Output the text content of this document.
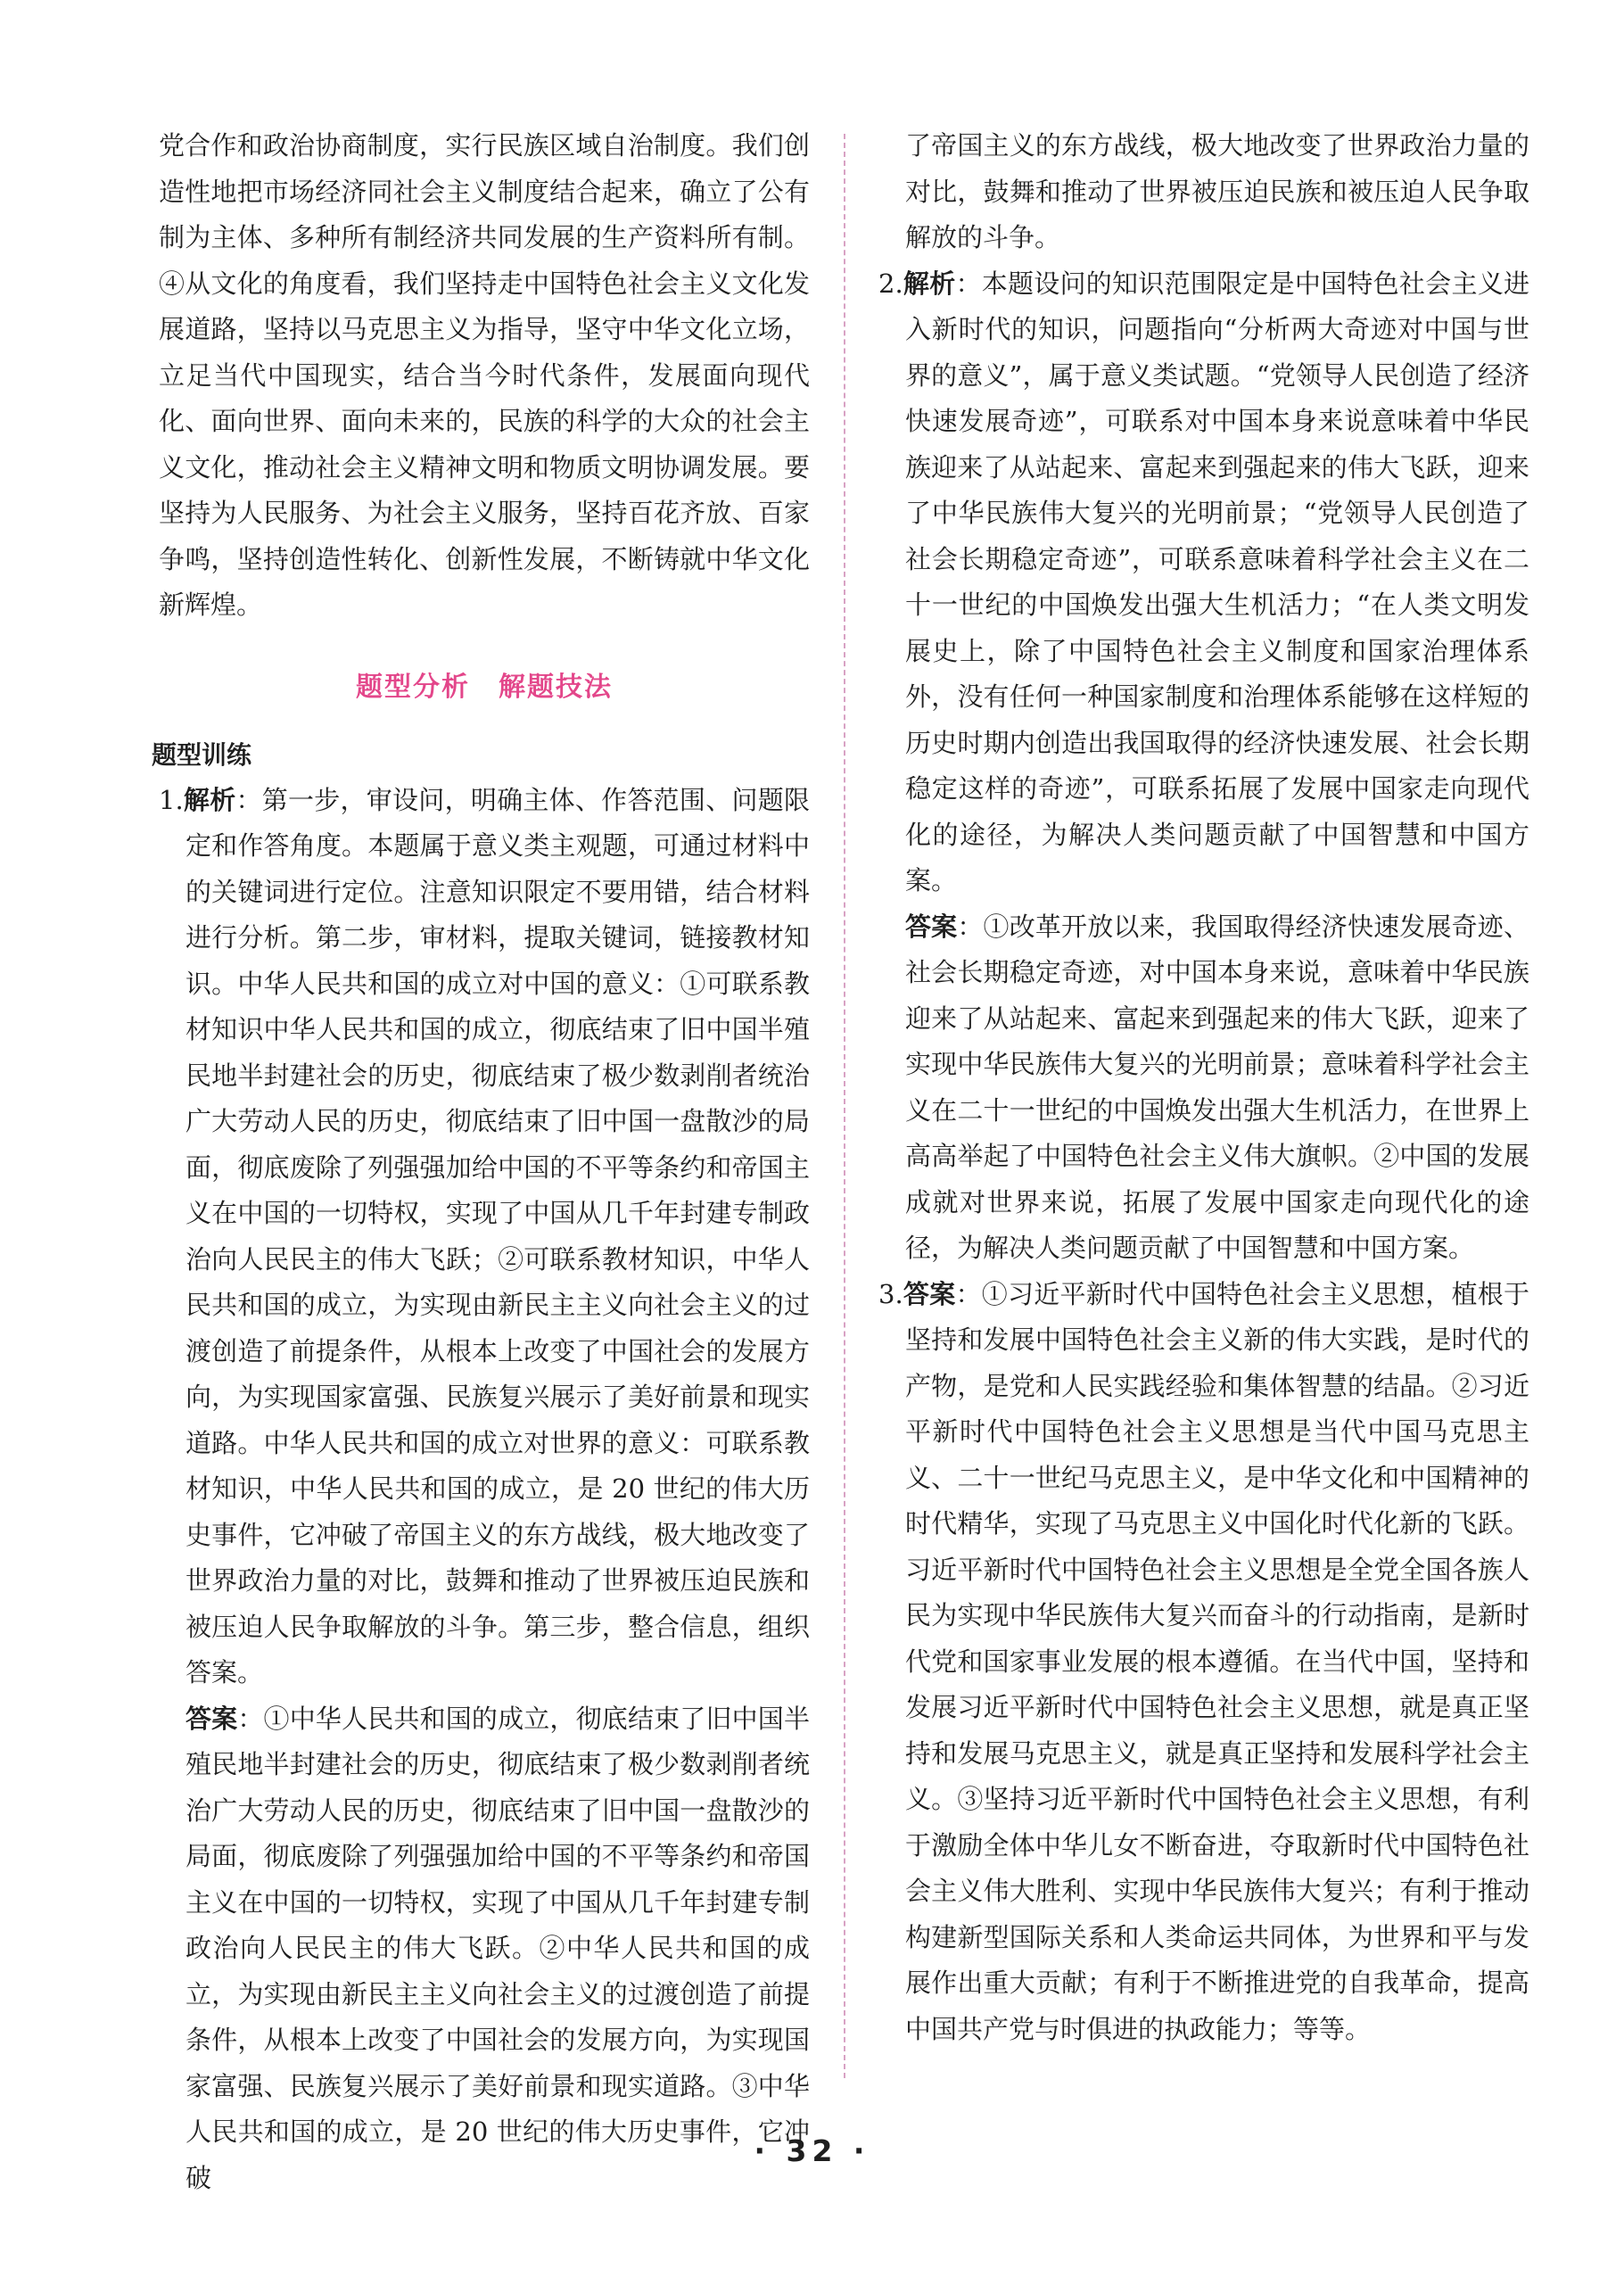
党合作和政治协商制度，实行民族区域自治制度。我们创造性地把市场经济同社会主义制度结合起来，确立了公有制为主体、多种所有制经济共同发展的生产资料所有制。④从文化的角度看，我们坚持走中国特色社会主义文化发展道路，坚持以马克思主义为指导，坚守中华文化立场，立足当代中国现实，结合当今时代条件，发展面向现代化、面向世界、面向未来的，民族的科学的大众的社会主义文化，推动社会主义精神文明和物质文明协调发展。要坚持为人民服务、为社会主义服务，坚持百花齐放、百家争鸣，坚持创造性转化、创新性发展，不断铸就中华文化新辉煌。

题型分析　解题技法
题型训练

1.解析：第一步，审设问，明确主体、作答范围、问题限定和作答角度。本题属于意义类主观题，可通过材料中的关键词进行定位。注意知识限定不要用错，结合材料进行分析。第二步，审材料，提取关键词，链接教材知识。中华人民共和国的成立对中国的意义：①可联系教材知识中华人民共和国的成立，彻底结束了旧中国半殖民地半封建社会的历史，彻底结束了极少数剥削者统治广大劳动人民的历史，彻底结束了旧中国一盘散沙的局面，彻底废除了列强强加给中国的不平等条约和帝国主义在中国的一切特权，实现了中国从几千年封建专制政治向人民民主的伟大飞跃；②可联系教材知识，中华人民共和国的成立，为实现由新民主主义向社会主义的过渡创造了前提条件，从根本上改变了中国社会的发展方向，为实现国家富强、民族复兴展示了美好前景和现实道路。中华人民共和国的成立对世界的意义：可联系教材知识，中华人民共和国的成立，是 20 世纪的伟大历史事件，它冲破了帝国主义的东方战线，极大地改变了世界政治力量的对比，鼓舞和推动了世界被压迫民族和被压迫人民争取解放的斗争。第三步，整合信息，组织答案。

答案：①中华人民共和国的成立，彻底结束了旧中国半殖民地半封建社会的历史，彻底结束了极少数剥削者统治广大劳动人民的历史，彻底结束了旧中国一盘散沙的局面，彻底废除了列强强加给中国的不平等条约和帝国主义在中国的一切特权，实现了中国从几千年封建专制政治向人民民主的伟大飞跃。②中华人民共和国的成立，为实现由新民主主义向社会主义的过渡创造了前提条件，从根本上改变了中国社会的发展方向，为实现国家富强、民族复兴展示了美好前景和现实道路。③中华人民共和国的成立，是 20 世纪的伟大历史事件，它冲破

了帝国主义的东方战线，极大地改变了世界政治力量的对比，鼓舞和推动了世界被压迫民族和被压迫人民争取解放的斗争。

2.解析：本题设问的知识范围限定是中国特色社会主义进入新时代的知识，问题指向“分析两大奇迹对中国与世界的意义”，属于意义类试题。“党领导人民创造了经济快速发展奇迹”，可联系对中国本身来说意味着中华民族迎来了从站起来、富起来到强起来的伟大飞跃，迎来了中华民族伟大复兴的光明前景；“党领导人民创造了社会长期稳定奇迹”，可联系意味着科学社会主义在二十一世纪的中国焕发出强大生机活力；“在人类文明发展史上，除了中国特色社会主义制度和国家治理体系外，没有任何一种国家制度和治理体系能够在这样短的历史时期内创造出我国取得的经济快速发展、社会长期稳定这样的奇迹”，可联系拓展了发展中国家走向现代化的途径，为解决人类问题贡献了中国智慧和中国方案。

答案：①改革开放以来，我国取得经济快速发展奇迹、社会长期稳定奇迹，对中国本身来说，意味着中华民族迎来了从站起来、富起来到强起来的伟大飞跃，迎来了实现中华民族伟大复兴的光明前景；意味着科学社会主义在二十一世纪的中国焕发出强大生机活力，在世界上高高举起了中国特色社会主义伟大旗帜。②中国的发展成就对世界来说，拓展了发展中国家走向现代化的途径，为解决人类问题贡献了中国智慧和中国方案。

3.答案：①习近平新时代中国特色社会主义思想，植根于坚持和发展中国特色社会主义新的伟大实践，是时代的产物，是党和人民实践经验和集体智慧的结晶。②习近平新时代中国特色社会主义思想是当代中国马克思主义、二十一世纪马克思主义，是中华文化和中国精神的时代精华，实现了马克思主义中国化时代化新的飞跃。习近平新时代中国特色社会主义思想是全党全国各族人民为实现中华民族伟大复兴而奋斗的行动指南，是新时代党和国家事业发展的根本遵循。在当代中国，坚持和发展习近平新时代中国特色社会主义思想，就是真正坚持和发展马克思主义，就是真正坚持和发展科学社会主义。③坚持习近平新时代中国特色社会主义思想，有利于激励全体中华儿女不断奋进，夺取新时代中国特色社会主义伟大胜利、实现中华民族伟大复兴；有利于推动构建新型国际关系和人类命运共同体，为世界和平与发展作出重大贡献；有利于不断推进党的自我革命，提高中国共产党与时俱进的执政能力；等等。

· 32 ·
